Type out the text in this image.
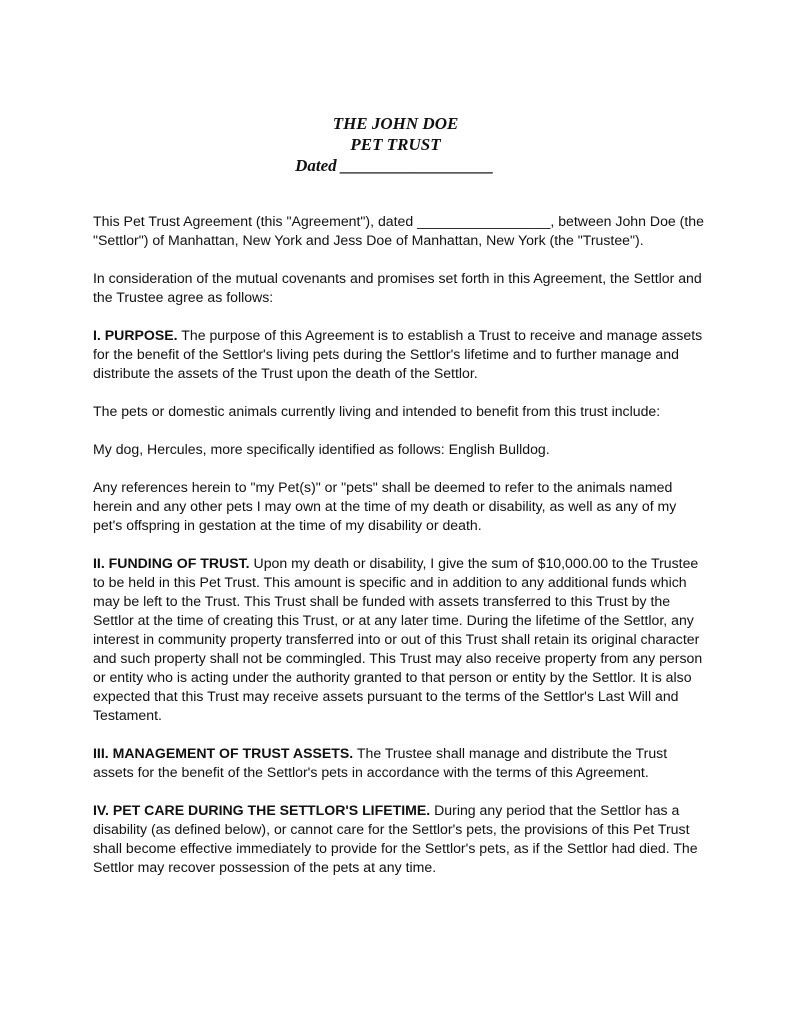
THE JOHN DOE
PET TRUST
Dated __________________

This Pet Trust Agreement (this "Agreement"), dated _________________, between John Doe (the "Settlor") of Manhattan, New York and Jess Doe of Manhattan, New York (the "Trustee").

In consideration of the mutual covenants and promises set forth in this Agreement, the Settlor and the Trustee agree as follows:

I. PURPOSE. The purpose of this Agreement is to establish a Trust to receive and manage assets for the benefit of the Settlor's living pets during the Settlor's lifetime and to further manage and distribute the assets of the Trust upon the death of the Settlor.

The pets or domestic animals currently living and intended to benefit from this trust include:

My dog, Hercules, more specifically identified as follows: English Bulldog.

Any references herein to "my Pet(s)" or "pets" shall be deemed to refer to the animals named herein and any other pets I may own at the time of my death or disability, as well as any of my pet's offspring in gestation at the time of my disability or death.

II. FUNDING OF TRUST. Upon my death or disability, I give the sum of $10,000.00 to the Trustee to be held in this Pet Trust. This amount is specific and in addition to any additional funds which may be left to the Trust. This Trust shall be funded with assets transferred to this Trust by the Settlor at the time of creating this Trust, or at any later time. During the lifetime of the Settlor, any interest in community property transferred into or out of this Trust shall retain its original character and such property shall not be commingled. This Trust may also receive property from any person or entity who is acting under the authority granted to that person or entity by the Settlor. It is also expected that this Trust may receive assets pursuant to the terms of the Settlor's Last Will and Testament.

III. MANAGEMENT OF TRUST ASSETS. The Trustee shall manage and distribute the Trust assets for the benefit of the Settlor's pets in accordance with the terms of this Agreement.

IV. PET CARE DURING THE SETTLOR'S LIFETIME. During any period that the Settlor has a disability (as defined below), or cannot care for the Settlor's pets, the provisions of this Pet Trust shall become effective immediately to provide for the Settlor's pets, as if the Settlor had died. The Settlor may recover possession of the pets at any time.
